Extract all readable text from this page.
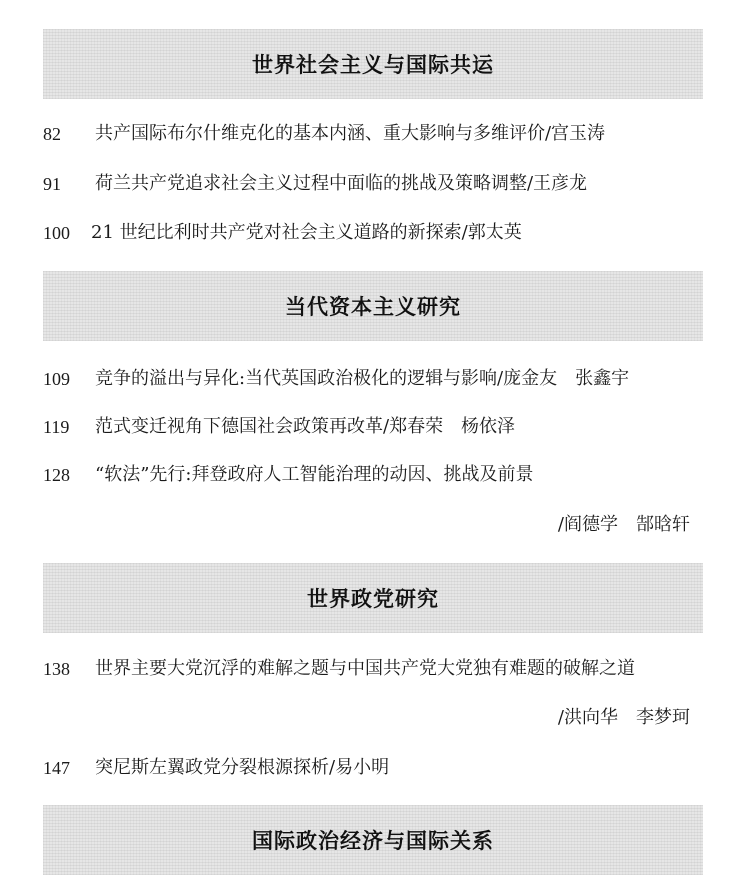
世界社会主义与国际共运
82 共产国际布尔什维克化的基本内涵、重大影响与多维评价/宫玉涛
91 荷兰共产党追求社会主义过程中面临的挑战及策略调整/王彦龙
100 21 世纪比利时共产党对社会主义道路的新探索/郭太英
当代资本主义研究
109 竞争的溢出与异化:当代英国政治极化的逻辑与影响/庞金友　张鑫宇
119 范式变迁视角下德国社会政策再改革/郑春荣　杨依泽
128 “软法”先行:拜登政府人工智能治理的动因、挑战及前景
/阎德学　郜晗轩
世界政党研究
138 世界主要大党沉浮的难解之题与中国共产党大党独有难题的破解之道
/洪向华　李梦珂
147 突尼斯左翼政党分裂根源探析/易小明
国际政治经济与国际关系
